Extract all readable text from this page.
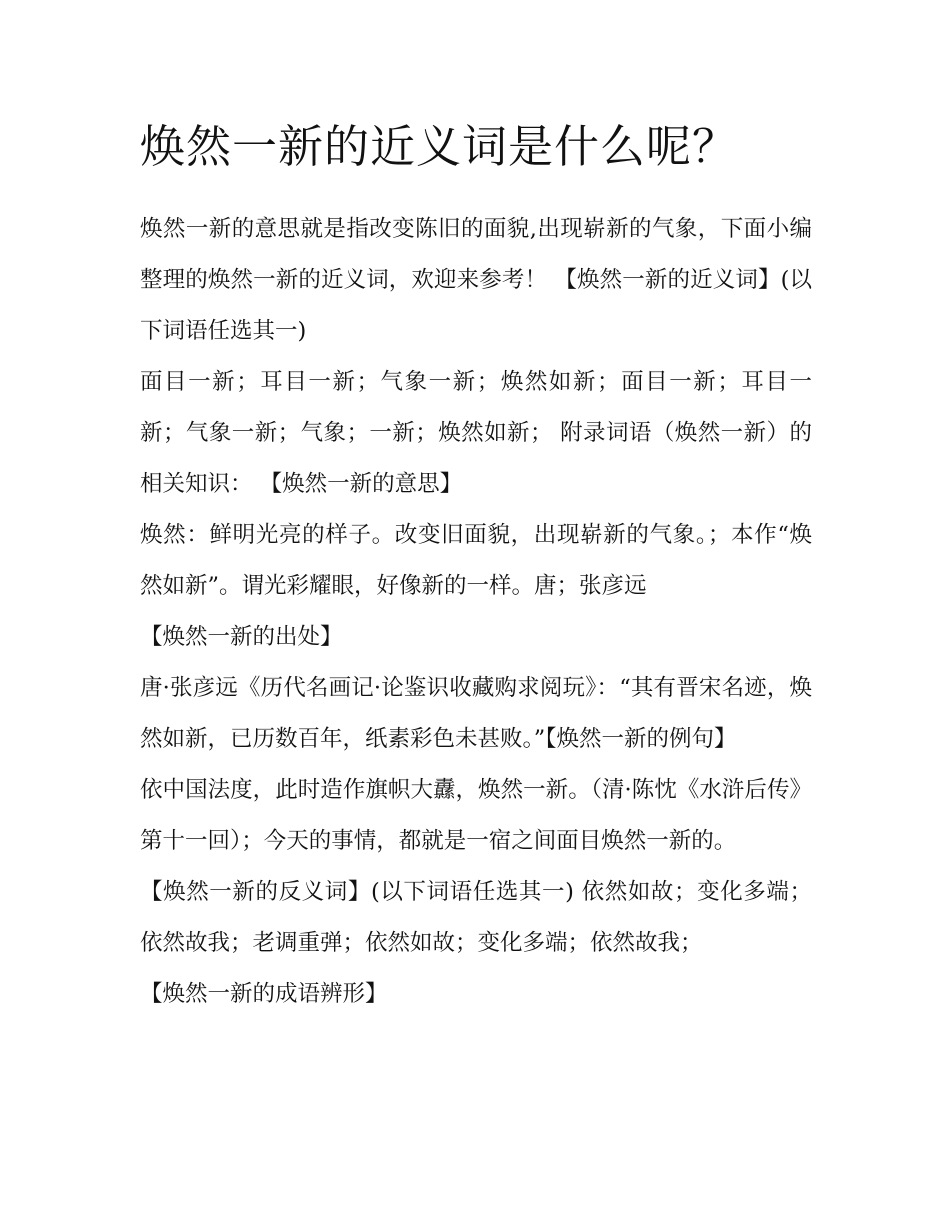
焕然一新的近义词是什么呢？

焕然一新的意思就是指改变陈旧的面貌,出现崭新的气象，下面小编整理的焕然一新的近义词，欢迎来参考！ 【焕然一新的近义词】(以下词语任选其一)

面目一新；耳目一新；气象一新；焕然如新；面目一新；耳目一新；气象一新；气象；一新；焕然如新； 附录词语（焕然一新）的相关知识： 【焕然一新的意思】

焕然：鲜明光亮的样子。改变旧面貌，出现崭新的气象。；本作“焕然如新”。谓光彩耀眼，好像新的一样。唐；张彦远

【焕然一新的出处】

唐·张彦远《历代名画记·论鉴识收藏购求阅玩》：“其有晋宋名迹，焕然如新，已历数百年，纸素彩色未甚败。”【焕然一新的例句】

依中国法度，此时造作旗帜大纛，焕然一新。（清·陈忱《水浒后传》第十一回）；今天的事情，都就是一宿之间面目焕然一新的。

【焕然一新的反义词】(以下词语任选其一) 依然如故；变化多端；依然故我；老调重弹；依然如故；变化多端；依然故我；

【焕然一新的成语辨形】
